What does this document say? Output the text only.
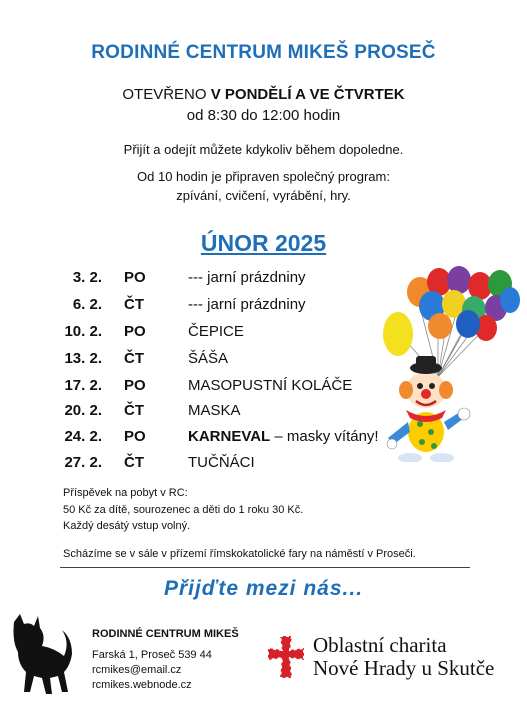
RODINNÉ CENTRUM MIKEŠ PROSEČ
OTEVŘENO V PONDĚLÍ A VE ČTVRTEK
od 8:30 do 12:00 hodin
Přijít a odejít můžete kdykoliv během dopoledne.
Od 10 hodin je připraven společný program:
zpívání, cvičení, vyrábění, hry.
ÚNOR 2025
3. 2. PO	--- jarní prázdniny
6. 2. ČT	--- jarní prázdniny
10. 2. PO	ČEPICE
13. 2. ČT	ŠÁŠA
17. 2. PO	MASOPUSTNÍ KOLÁČE
20. 2. ČT	MASKA
24. 2. PO	KARNEVAL – masky vítány!
27. 2. ČT	TUČŇÁCI
Příspěvek na pobyt v RC:
50 Kč za dítě, sourozenec a děti do 1 roku 30 Kč.
Každý desátý vstup volný.
Scházíme se v sále v přízemí římskokatolické fary na náměstí v Proseči.
Přijďte mezi nás...
RODINNÉ CENTRUM MIKEŠ
Farská 1, Proseč 539 44
rcmikes@email.cz
rcmikes.webnode.cz
Oblastní charita
Nové Hrady u Skutče
